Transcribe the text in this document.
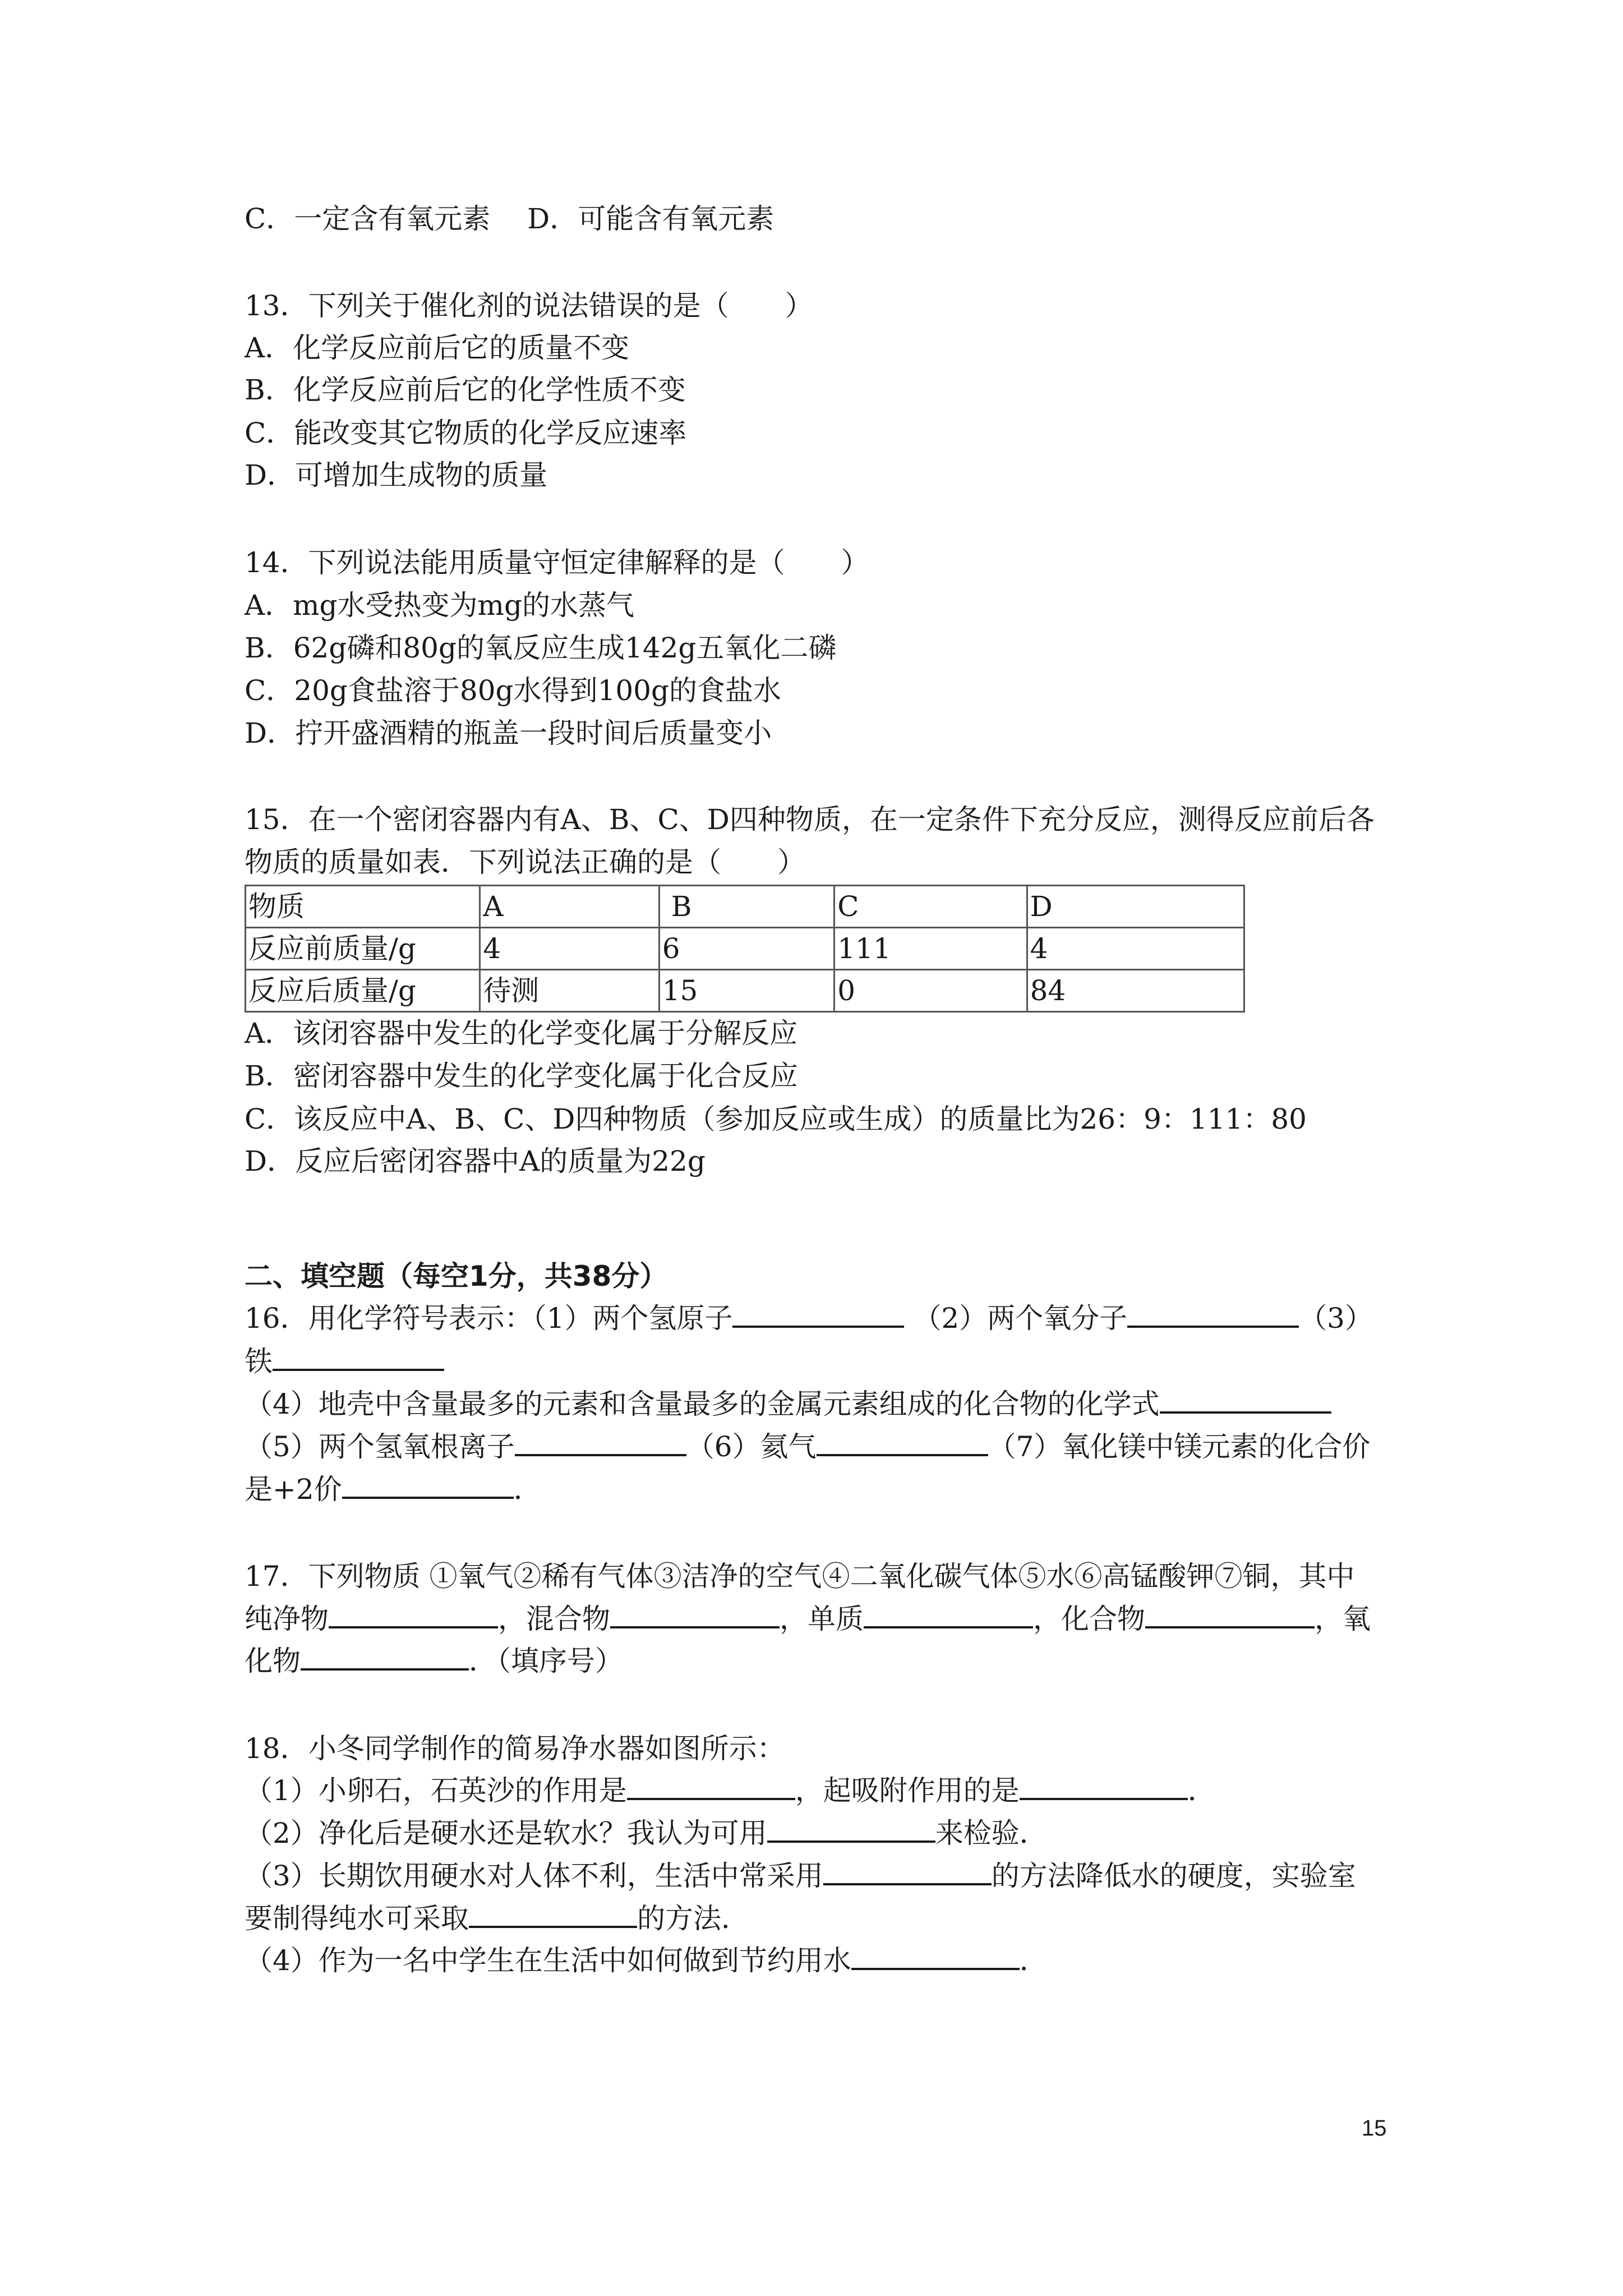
C．一定含有氧元素　 D．可能含有氧元素
13．下列关于催化剂的说法错误的是（　　）
A．化学反应前后它的质量不变
B．化学反应前后它的化学性质不变
C．能改变其它物质的化学反应速率
D．可增加生成物的质量
14．下列说法能用质量守恒定律解释的是（　　）
A．mg水受热变为mg的水蒸气
B．62g磷和80g的氧反应生成142g五氧化二磷
C．20g食盐溶于80g水得到100g的食盐水
D．拧开盛酒精的瓶盖一段时间后质量变小
15．在一个密闭容器内有A、B、C、D四种物质，在一定条件下充分反应，测得反应前后各
物质的质量如表．下列说法正确的是（　　）
物质	A	B	C	D
反应前质量/g	4	6	111	4
反应后质量/g	待测	15	0	84
A．该闭容器中发生的化学变化属于分解反应
B．密闭容器中发生的化学变化属于化合反应
C．该反应中A、B、C、D四种物质（参加反应或生成）的质量比为26：9：111：80
D．反应后密闭容器中A的质量为22g
二、填空题（每空1分，共38分）
16．用化学符号表示：（1）两个氢原子	（2）两个氧分子	（3）
铁
（4）地壳中含量最多的元素和含量最多的金属元素组成的化合物的化学式
（5）两个氢氧根离子	（6）氦气	（7）氧化镁中镁元素的化合价
是+2价	．
17．下列物质 ①氧气②稀有气体③洁净的空气④二氧化碳气体⑤水⑥高锰酸钾⑦铜，其中
纯净物	，混合物	，单质	，化合物	，氧
化物	．（填序号）
18．小冬同学制作的简易净水器如图所示：
（1）小卵石，石英沙的作用是	，起吸附作用的是	．
（2）净化后是硬水还是软水？我认为可用	来检验．
（3）长期饮用硬水对人体不利，生活中常采用	的方法降低水的硬度，实验室
要制得纯水可采取	的方法．
（4）作为一名中学生在生活中如何做到节约用水	．
15
